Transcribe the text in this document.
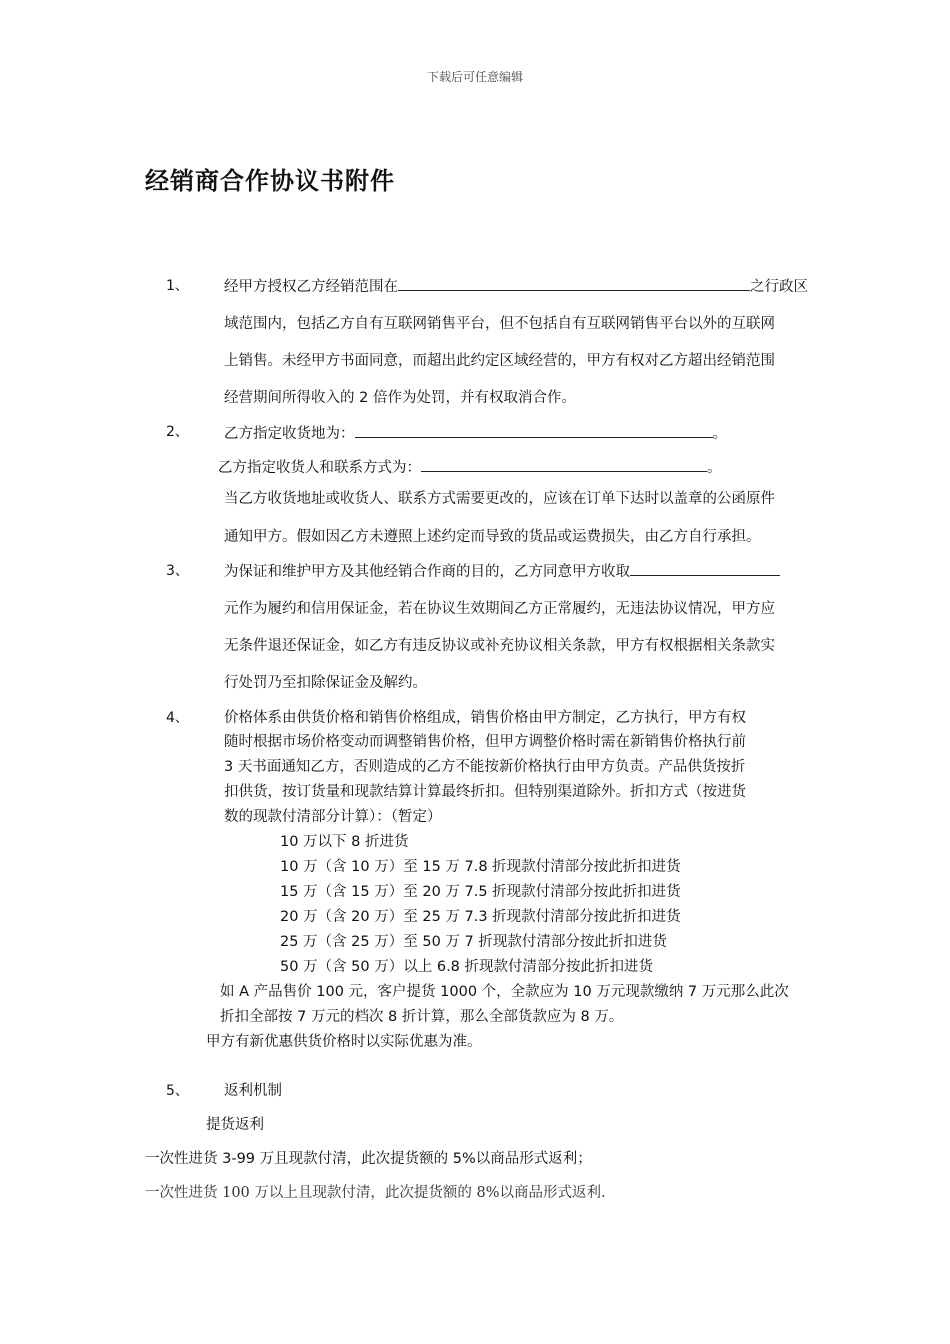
下载后可任意编辑
经销商合作协议书附件
1、 经甲方授权乙方经销范围在	之行政区
域范围内，包括乙方自有互联网销售平台，但不包括自有互联网销售平台以外的互联网
上销售。未经甲方书面同意，而超出此约定区域经营的，甲方有权对乙方超出经销范围
经营期间所得收入的 2 倍作为处罚，并有权取消合作。
2、 乙方指定收货地为：	。
乙方指定收货人和联系方式为：	。
当乙方收货地址或收货人、联系方式需要更改的，应该在订单下达时以盖章的公函原件
通知甲方。假如因乙方未遵照上述约定而导致的货品或运费损失，由乙方自行承担。
3、 为保证和维护甲方及其他经销合作商的目的，乙方同意甲方收取
元作为履约和信用保证金，若在协议生效期间乙方正常履约，无违法协议情况，甲方应
无条件退还保证金，如乙方有违反协议或补充协议相关条款，甲方有权根据相关条款实
行处罚乃至扣除保证金及解约。
4、 价格体系由供货价格和销售价格组成，销售价格由甲方制定，乙方执行，甲方有权
随时根据市场价格变动而调整销售价格，但甲方调整价格时需在新销售价格执行前
3 天书面通知乙方，否则造成的乙方不能按新价格执行由甲方负责。产品供货按折
扣供货，按订货量和现款结算计算最终折扣。但特别渠道除外。折扣方式（按进货
数的现款付清部分计算）：（暂定）
10 万以下 8 折进货
10 万（含 10 万）至 15 万 7.8 折现款付清部分按此折扣进货
15 万（含 15 万）至 20 万 7.5 折现款付清部分按此折扣进货
20 万（含 20 万）至 25 万 7.3 折现款付清部分按此折扣进货
25 万（含 25 万）至 50 万 7 折现款付清部分按此折扣进货
50 万（含 50 万）以上 6.8 折现款付清部分按此折扣进货
如 A 产品售价 100 元，客户提货 1000 个，全款应为 10 万元现款缴纳 7 万元那么此次
折扣全部按 7 万元的档次 8 折计算，那么全部货款应为 8 万。
甲方有新优惠供货价格时以实际优惠为准。
5、 返利机制
提货返利
一次性进货 3-99 万且现款付清，此次提货额的 5%以商品形式返利；
一次性进货 100 万以上且现款付清，此次提货额的 8%以商品形式返利.
